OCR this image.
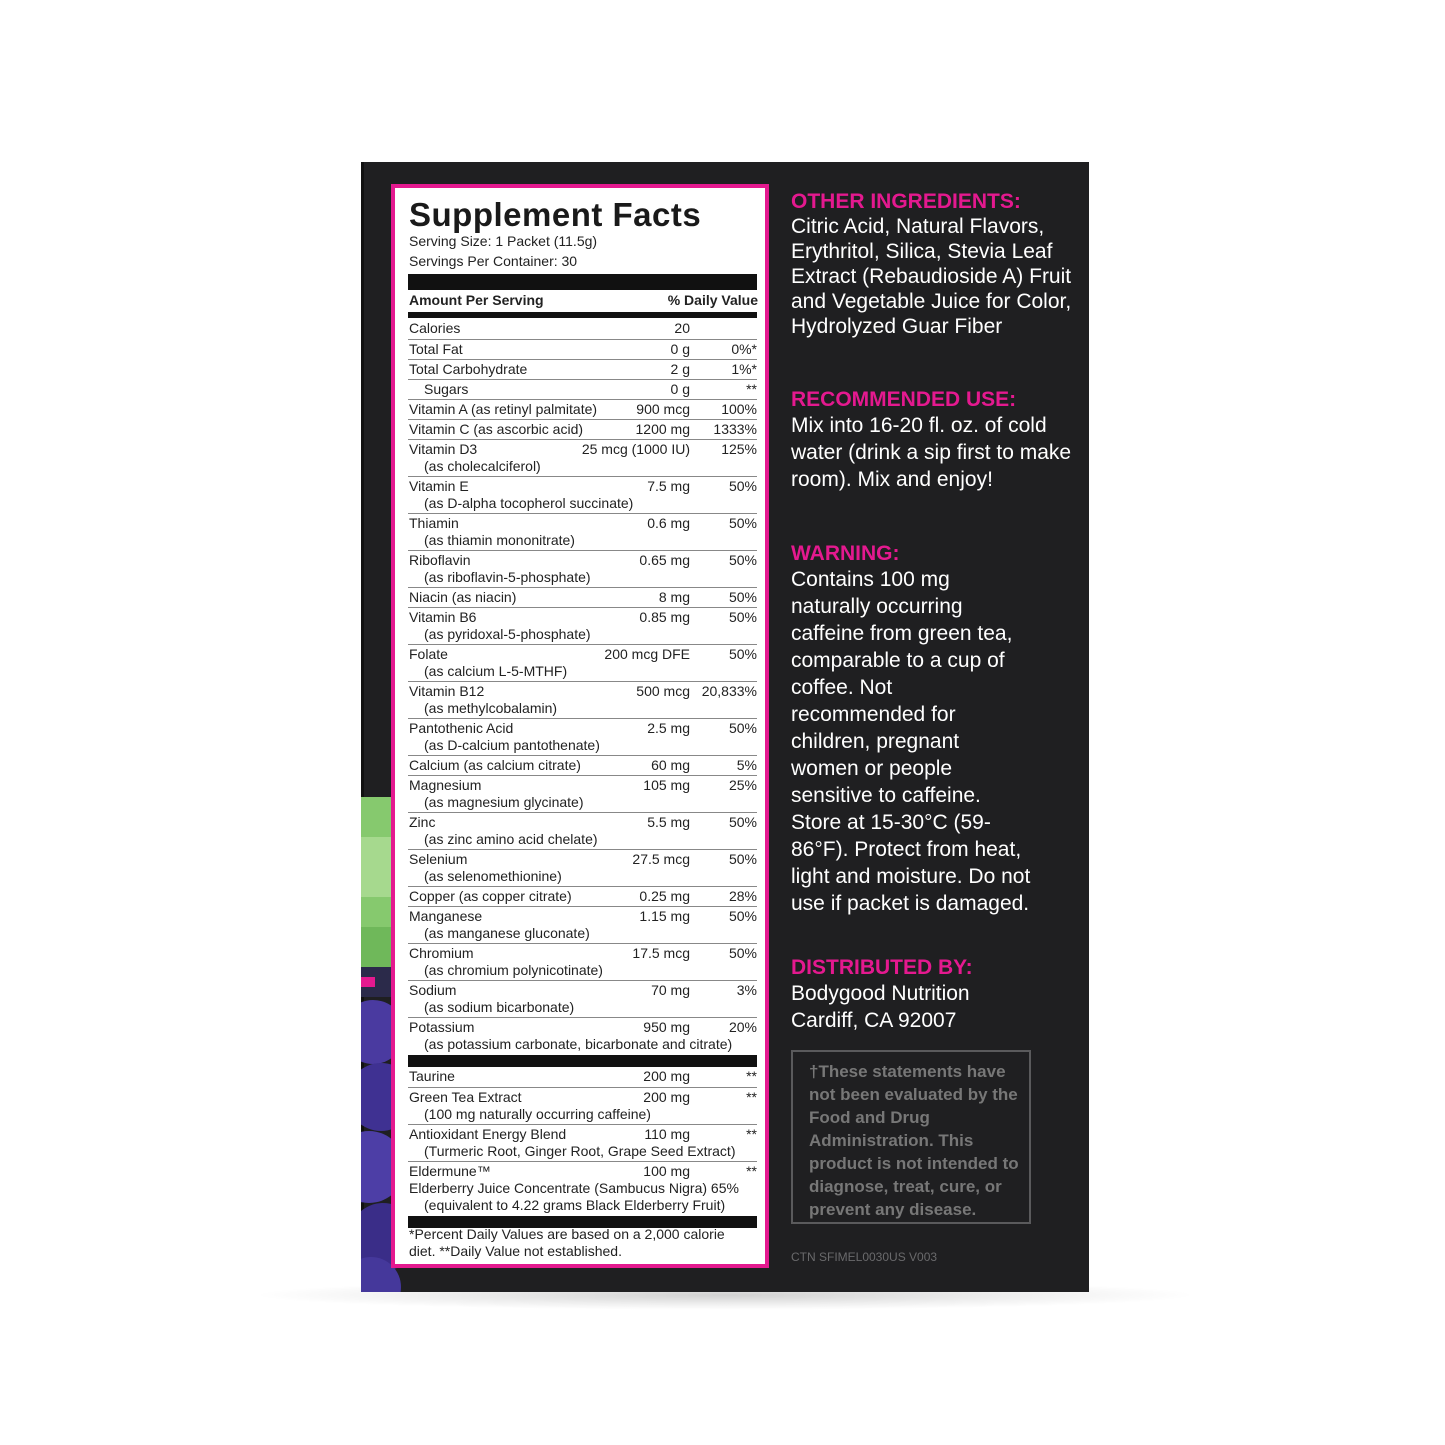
Supplement Facts
Serving Size: 1 Packet (11.5g)
Servings Per Container: 30
Amount Per Serving	% Daily Value
Calories	20
Total Fat	0 g	0%*
Total Carbohydrate	2 g	1%*
Sugars	0 g	**
Vitamin A (as retinyl palmitate)	900 mcg 100%
Vitamin C (as ascorbic acid)	1200 mg 1333%
Vitamin D3
(as cholecalciferol)
25 mcg (1000 IU) 125%
Vitamin E
(as D-alpha tocopherol succinate)
7.5 mg	50%
Thiamin
(as thiamin mononitrate)
0.6 mg	50%
Riboflavin
(as riboflavin-5-phosphate)
0.65 mg	50%
Niacin (as niacin)	8 mg	50%
Vitamin B6
(as pyridoxal-5-phosphate)
0.85 mg	50%
Folate
(as calcium L-5-MTHF)
200 mcg DFE	50%
Vitamin B12
(as methylcobalamin)
500 mcg 20,833%
Pantothenic Acid
(as D-calcium pantothenate)
2.5 mg	50%
Calcium (as calcium citrate)	60 mg	5%
Magnesium
(as magnesium glycinate)
105 mg	25%
Zinc
(as zinc amino acid chelate)
5.5 mg	50%
Selenium
(as selenomethionine)
27.5 mcg	50%
Copper (as copper citrate)	0.25 mg	28%
Manganese
(as manganese gluconate)
1.15 mg	50%
Chromium
(as chromium polynicotinate)
17.5 mcg	50%
Sodium
(as sodium bicarbonate)
70 mg	3%
Potassium
(as potassium carbonate, bicarbonate and citrate)
950 mg	20%
Taurine	200 mg	**
Green Tea Extract
(100 mg naturally occurring caffeine)
200 mg	**
Antioxidant Energy Blend
(Turmeric Root, Ginger Root, Grape Seed Extract)
110 mg	**
Eldermune™
Elderberry Juice Concentrate (Sambucus Nigra) 65%
(equivalent to 4.22 grams Black Elderberry Fruit)
100 mg	**
*Percent Daily Values are based on a 2,000 calorie diet. **Daily Value not established.
OTHER INGREDIENTS:
Citric Acid, Natural Flavors, Erythritol, Silica, Stevia Leaf Extract (Rebaudioside A) Fruit and Vegetable Juice for Color, Hydrolyzed Guar Fiber
RECOMMENDED USE:
Mix into 16-20 fl. oz. of cold water (drink a sip first to make room). Mix and enjoy!
WARNING:
Contains 100 mg naturally occurring caffeine from green tea, comparable to a cup of coffee. Not recommended for children, pregnant women or people sensitive to caffeine. Store at 15-30°C (59-86°F). Protect from heat, light and moisture. Do not use if packet is damaged.
DISTRIBUTED BY:
Bodygood Nutrition
Cardiff, CA 92007
†These statements have not been evaluated by the Food and Drug Administration. This product is not intended to diagnose, treat, cure, or prevent any disease.
CTN SFIMEL0030US V003
